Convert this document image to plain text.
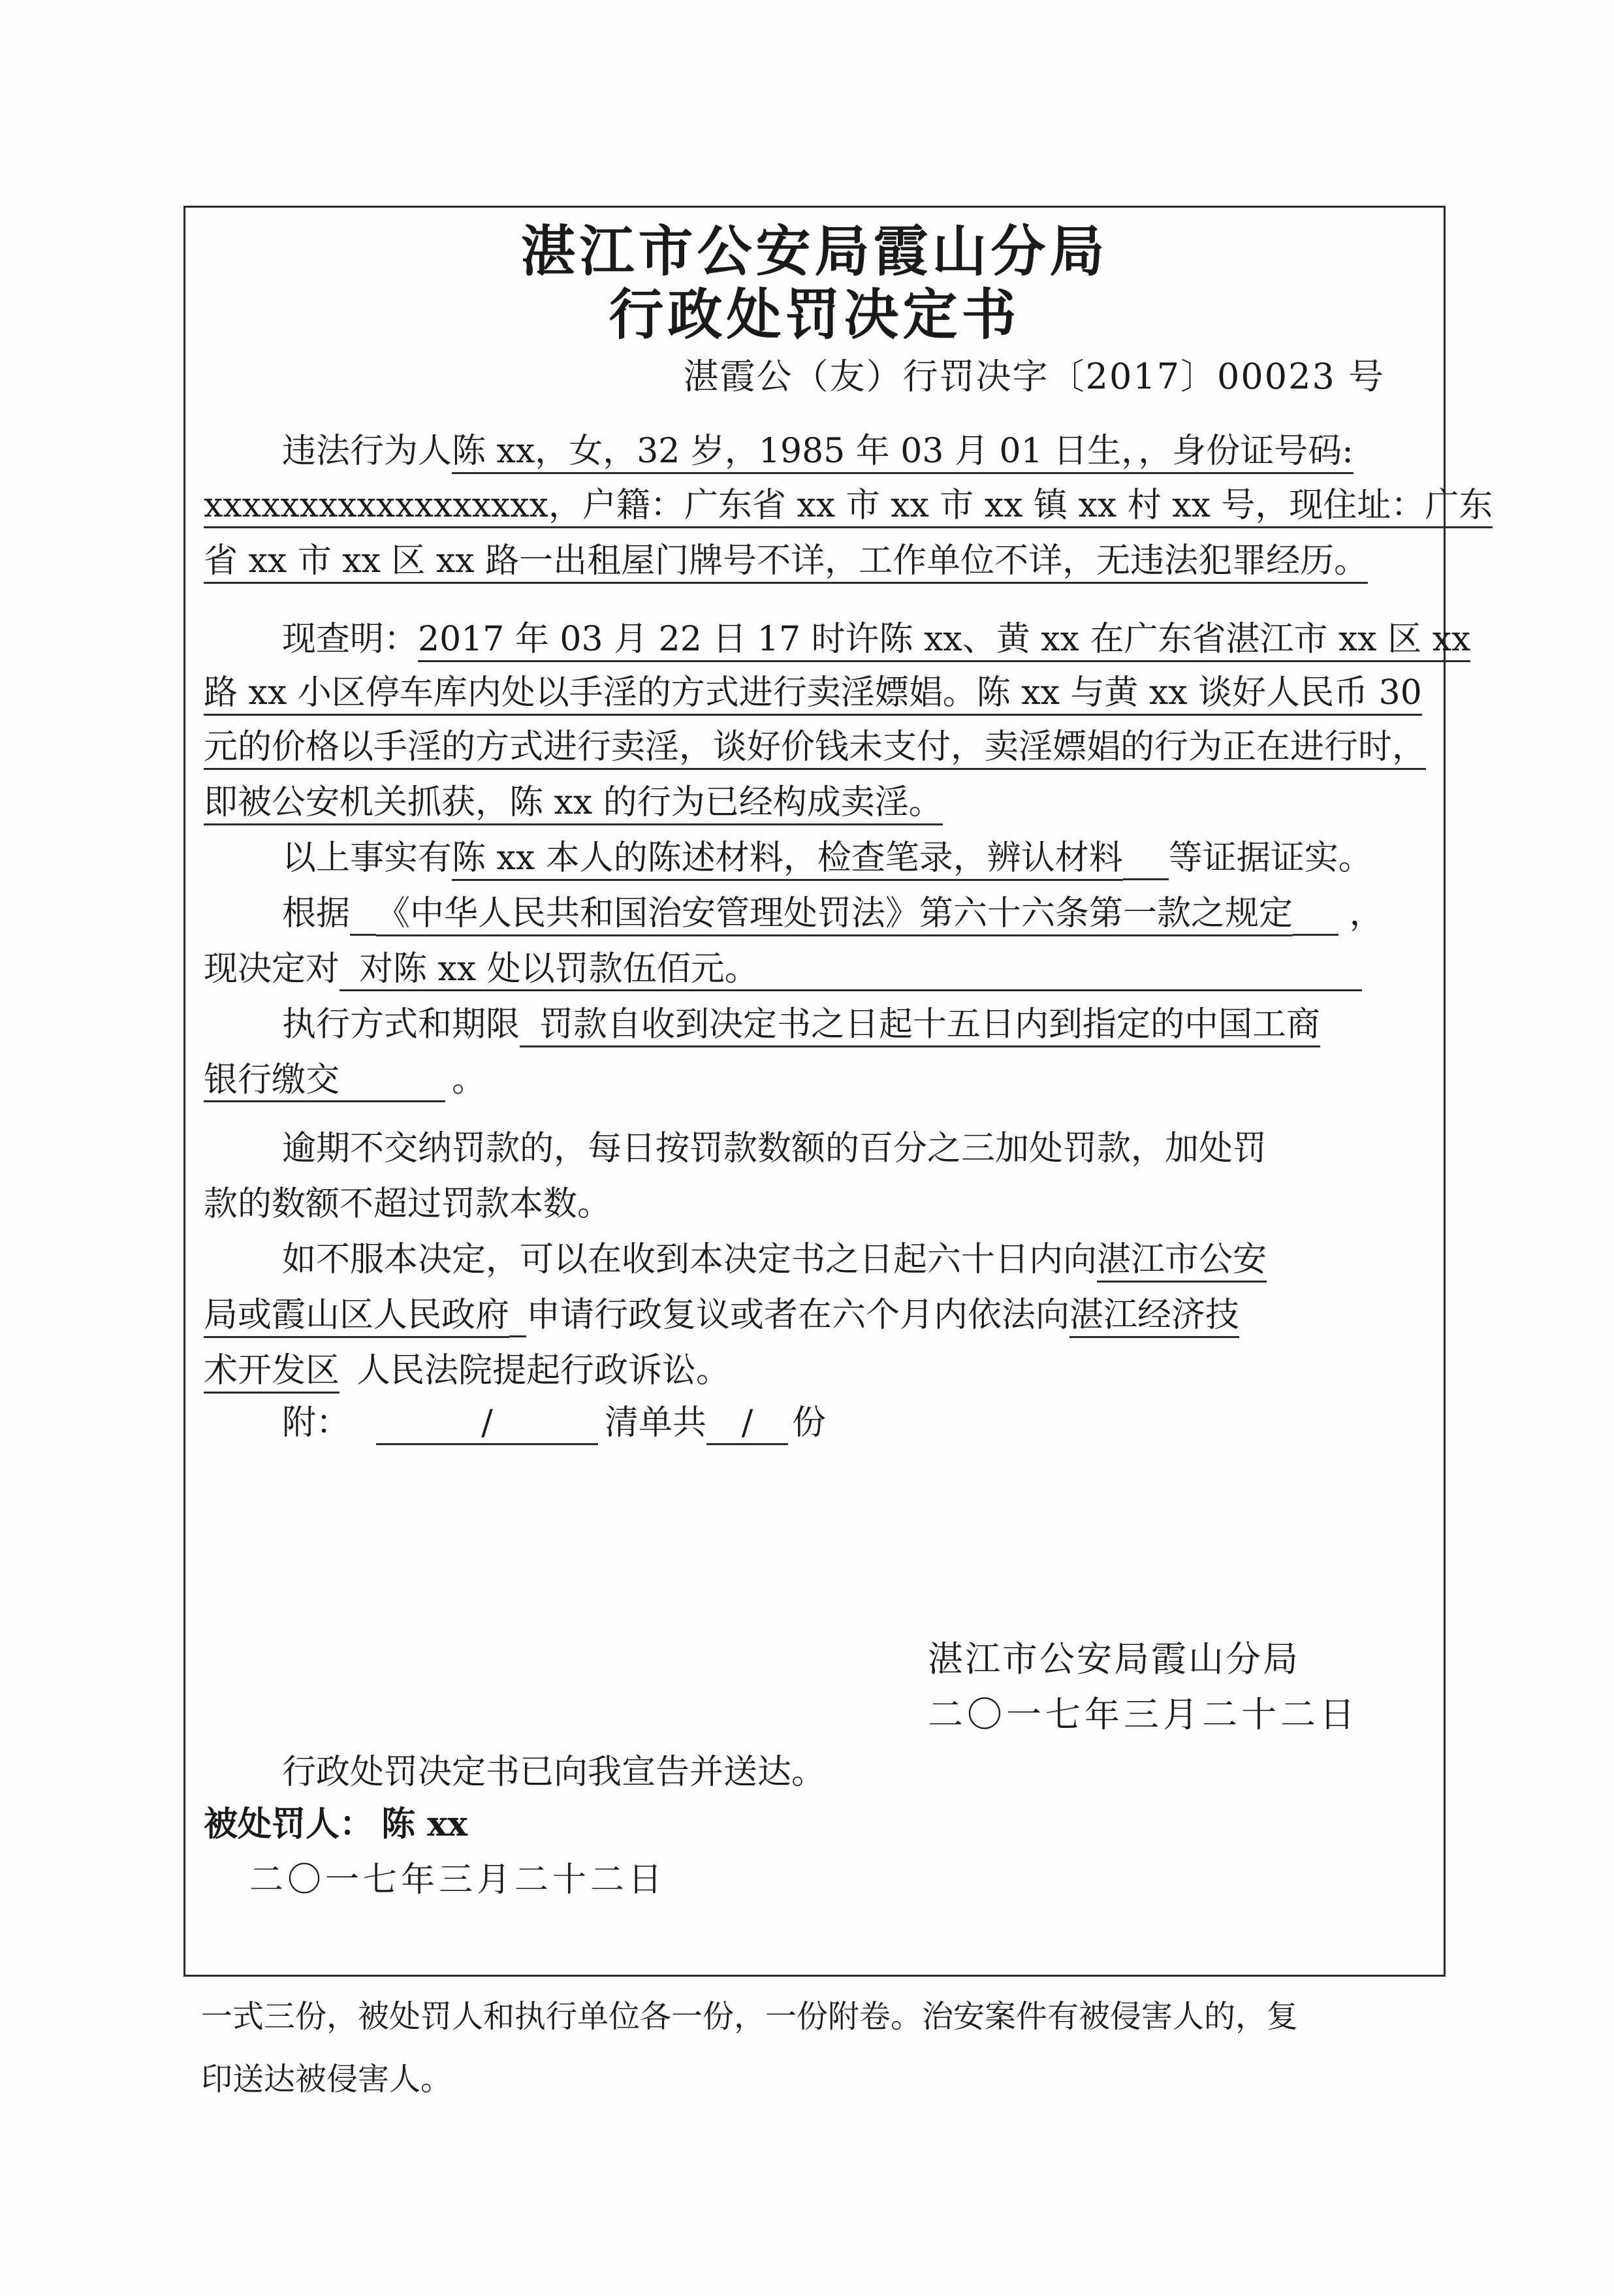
湛江市公安局霞山分局
行政处罚决定书
湛霞公（友）行罚决字〔2017〕00023 号
违法行为人陈 xx，女，32 岁，1985 年 03 月 01 日生，，身份证号码:
xxxxxxxxxxxxxxxxxx，户籍：广东省 xx 市 xx 市 xx 镇 xx 村 xx 号，现住址：广东
省 xx 市 xx 区 xx 路一出租屋门牌号不详，工作单位不详，无违法犯罪经历。
现查明：2017 年 03 月 22 日 17 时许陈 xx、黄 xx 在广东省湛江市 xx 区 xx
路 xx 小区停车库内处以手淫的方式进行卖淫嫖娼。陈 xx 与黄 xx 谈好人民币 30
元的价格以手淫的方式进行卖淫，谈好价钱未支付，卖淫嫖娼的行为正在进行时，
即被公安机关抓获，陈 xx 的行为已经构成卖淫。
以上事实有陈 xx 本人的陈述材料，检查笔录，辨认材料 等证据证实。
根据 《中华人民共和国治安管理处罚法》第六十六条第一款之规定 ，
现决定对 对陈 xx 处以罚款伍佰元。
执行方式和期限 罚款自收到决定书之日起十五日内到指定的中国工商
银行缴交	。
逾期不交纳罚款的，每日按罚款数额的百分之三加处罚款，加处罚
款的数额不超过罚款本数。
如不服本决定，可以在收到本决定书之日起六十日内向湛江市公安
局或霞山区人民政府 申请行政复议或者在六个月内依法向湛江经济技
术开发区 人民法院提起行政诉讼。
附：	/	清单共 / 份
湛江市公安局霞山分局
二〇一七年三月二十二日
行政处罚决定书已向我宣告并送达。
被处罚人： 陈 xx
二〇一七年三月二十二日
一式三份，被处罚人和执行单位各一份，一份附卷。治安案件有被侵害人的，复
印送达被侵害人。
